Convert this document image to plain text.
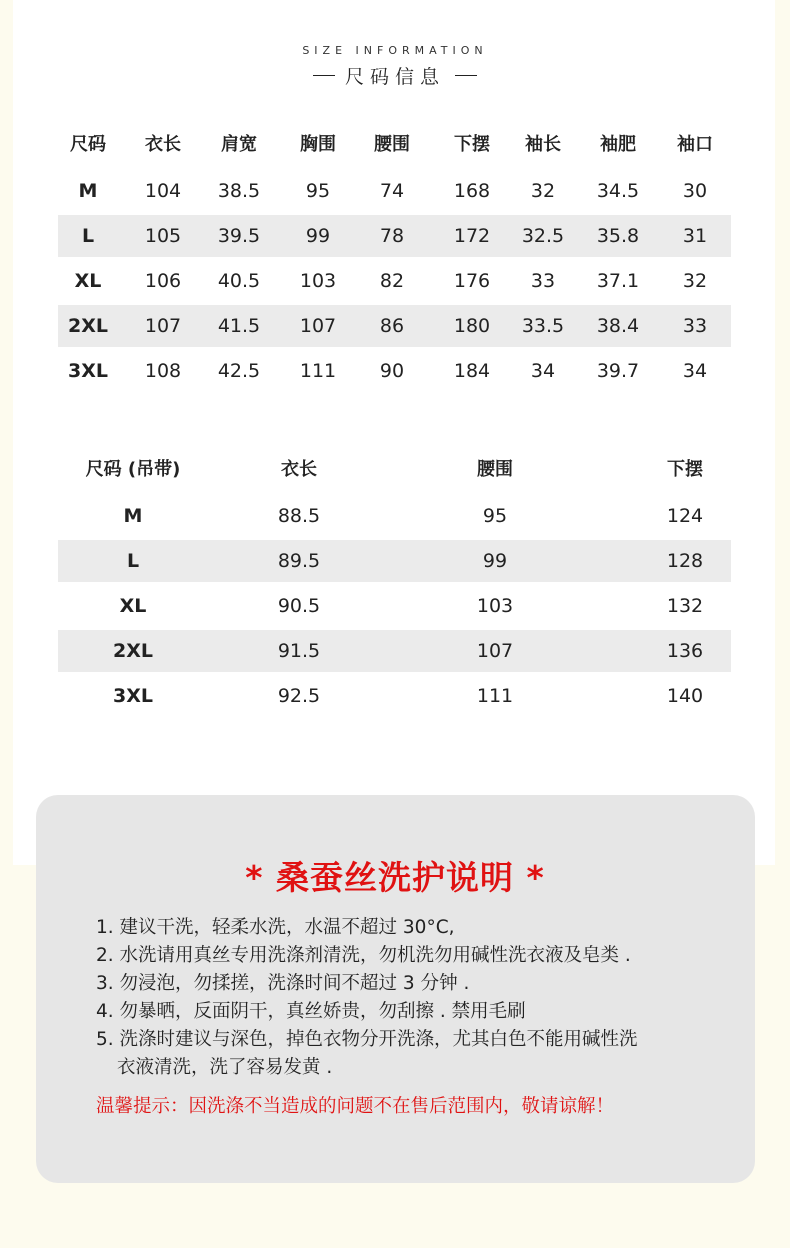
SIZE INFORMATION
尺码信息
尺码	衣长	肩宽	胸围	腰围	下摆	袖长	袖肥	袖口
M	104	38.5	95	74	168	32	34.5	30
L	105	39.5	99	78	172	32.5	35.8	31
XL	106	40.5	103	82	176	33	37.1	32
2XL	107	41.5	107	86	180	33.5	38.4	33
3XL	108	42.5	111	90	184	34	39.7	34
尺码 (吊带)	衣长	腰围	下摆
M	88.5	95	124
L	89.5	99	128
XL	90.5	103	132
2XL	91.5	107	136
3XL	92.5	111	140
* 桑蚕丝洗护说明 *
1. 建议干洗，轻柔水洗，水温不超过 30°C,
2. 水洗请用真丝专用洗涤剂清洗，勿机洗勿用碱性洗衣液及皂类 .
3. 勿浸泡，勿揉搓，洗涤时间不超过 3 分钟 .
4. 勿暴晒，反面阴干，真丝娇贵，勿刮擦 . 禁用毛刷
5. 洗涤时建议与深色，掉色衣物分开洗涤，尤其白色不能用碱性洗
衣液清洗，洗了容易发黄 .
温馨提示：因洗涤不当造成的问题不在售后范围内，敬请谅解！
